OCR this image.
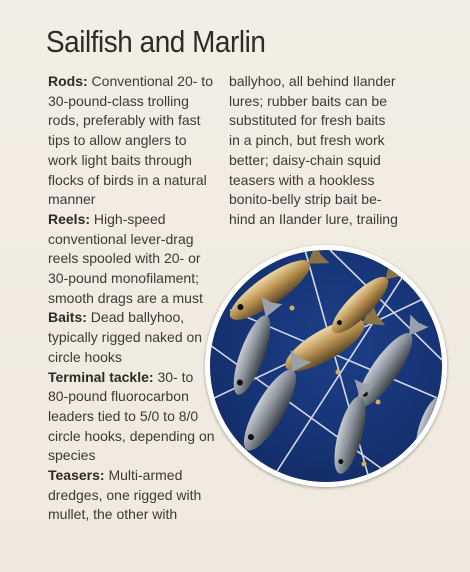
Sailfish and Marlin

Rods: Conventional 20- to 30-pound-class trolling rods, preferably with fast tips to allow anglers to work light baits through flocks of birds in a natural manner

Reels: High-speed conventional lever-drag reels spooled with 20- or 30-pound monofilament; smooth drags are a must

Baits: Dead ballyhoo, typically rigged naked on circle hooks

Terminal tackle: 30- to 80-pound fluorocarbon leaders tied to 5/0 to 8/0 circle hooks, depending on species

Teasers: Multi-armed dredges, one rigged with mullet, the other with

ballyhoo, all behind Ilander lures; rubber baits can be substituted for fresh baits in a pinch, but fresh work better; daisy-chain squid teasers with a hookless bonito-belly strip bait be-hind an Ilander lure, trailing
